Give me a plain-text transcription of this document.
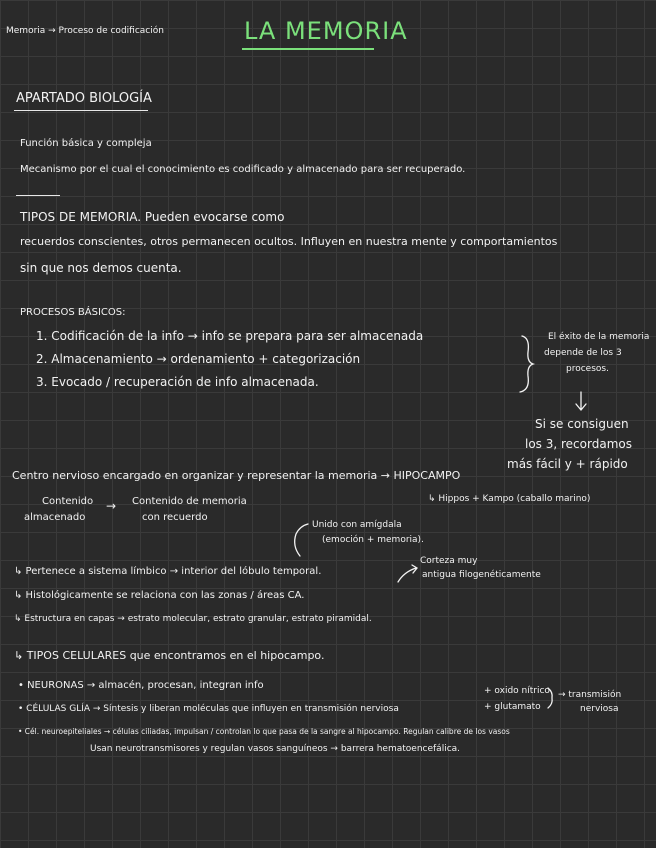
Memoria → Proceso de codificación	LA MEMORIA
APARTADO BIOLOGÍA
Función básica y compleja
Mecanismo por el cual el conocimiento es codificado y almacenado para ser recuperado.
TIPOS DE MEMORIA. Pueden evocarse como
recuerdos conscientes, otros permanecen ocultos. Influyen en nuestra mente y comportamientos
sin que nos demos cuenta.
PROCESOS BÁSICOS:
1. Codificación de la info → info se prepara para ser almacenada
2. Almacenamiento → ordenamiento + categorización
3. Evocado / recuperación de info almacenada.
El éxito de la memoria
depende de los 3
procesos.
Si se consiguen
los 3, recordamos
más fácil y + rápido
Centro nervioso encargado en organizar y representar la memoria → HIPOCAMPO
↳ Hippos + Kampo (caballo marino)
Contenido
almacenado
→ Contenido de memoria
con recuerdo
Unido con amígdala
(emoción + memoria).
Corteza muy
antigua filogenéticamente
↳ Pertenece a sistema límbico → interior del lóbulo temporal.
↳ Histológicamente se relaciona con las zonas / áreas CA.
↳ Estructura en capas → estrato molecular, estrato granular, estrato piramidal.
↳ TIPOS CELULARES que encontramos en el hipocampo.
• NEURONAS → almacén, procesan, integran info
• CÉLULAS GLÍA → Síntesis y liberan moléculas que influyen en transmisión nerviosa
+ oxido nítrico
+ glutamato
→ transmisión
nerviosa
• Cél. neuroepiteliales → células ciliadas, impulsan / controlan lo que pasa de la sangre al hipocampo. Regulan calibre de los vasos
Usan neurotransmisores y regulan vasos sanguíneos → barrera hematoencefálica.
